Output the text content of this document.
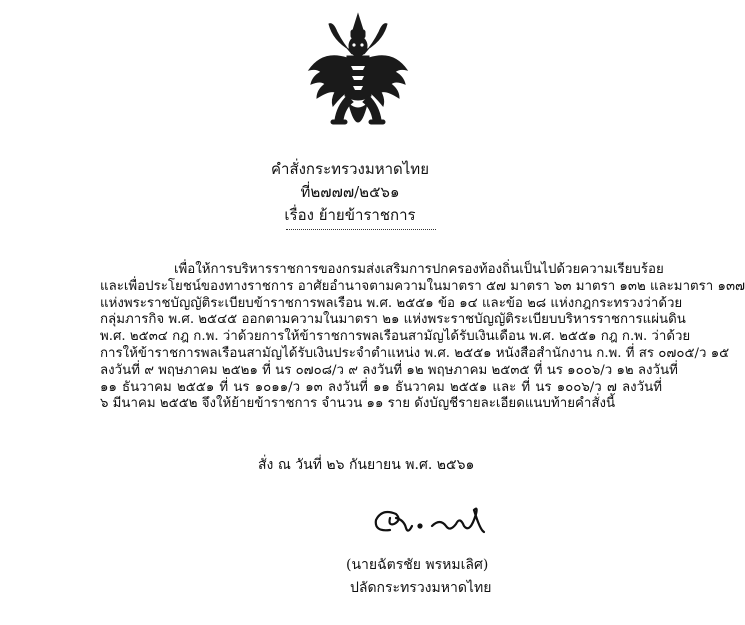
คำสั่งกระทรวงมหาดไทย
ที่๒๗๗๗/๒๕๖๑
เรื่อง ย้ายข้าราชการ

เพื่อให้การบริหารราชการของกรมส่งเสริมการปกครองท้องถิ่นเป็นไปด้วยความเรียบร้อย

และเพื่อประโยชน์ของทางราชการ อาศัยอำนาจตามความในมาตรา ๕๗ มาตรา ๖๓ มาตรา ๑๓๒ และมาตรา ๑๓๗

แห่งพระราชบัญญัติระเบียบข้าราชการพลเรือน พ.ศ. ๒๕๕๑ ข้อ ๑๔ และข้อ ๒๘ แห่งกฎกระทรวงว่าด้วย

กลุ่มภารกิจ พ.ศ. ๒๕๔๕ ออกตามความในมาตรา ๒๑ แห่งพระราชบัญญัติระเบียบบริหารราชการแผ่นดิน

พ.ศ. ๒๕๓๔ กฎ ก.พ. ว่าด้วยการให้ข้าราชการพลเรือนสามัญได้รับเงินเดือน พ.ศ. ๒๕๕๑ กฎ ก.พ. ว่าด้วย

การให้ข้าราชการพลเรือนสามัญได้รับเงินประจำตำแหน่ง พ.ศ. ๒๕๕๑ หนังสือสำนักงาน ก.พ. ที่ สร ๐๗๐๕/ว ๑๕

ลงวันที่ ๙ พฤษภาคม ๒๕๒๑ ที่ นร ๐๗๐๘/ว ๙ ลงวันที่ ๑๒ พฤษภาคม ๒๕๓๕ ที่ นร ๑๐๐๖/ว ๑๒ ลงวันที่

๑๑ ธันวาคม ๒๕๕๑ ที่ นร ๑๐๑๑/ว ๑๓ ลงวันที่ ๑๑ ธันวาคม ๒๕๕๑ และ ที่ นร ๑๐๐๖/ว ๗ ลงวันที่

๖ มีนาคม ๒๕๕๒ จึงให้ย้ายข้าราชการ จำนวน ๑๑ ราย ดังบัญชีรายละเอียดแนบท้ายคำสั่งนี้

สั่ง ณ วันที่ ๒๖ กันยายน พ.ศ. ๒๕๖๑
(นายฉัตรชัย พรหมเลิศ)
ปลัดกระทรวงมหาดไทย
